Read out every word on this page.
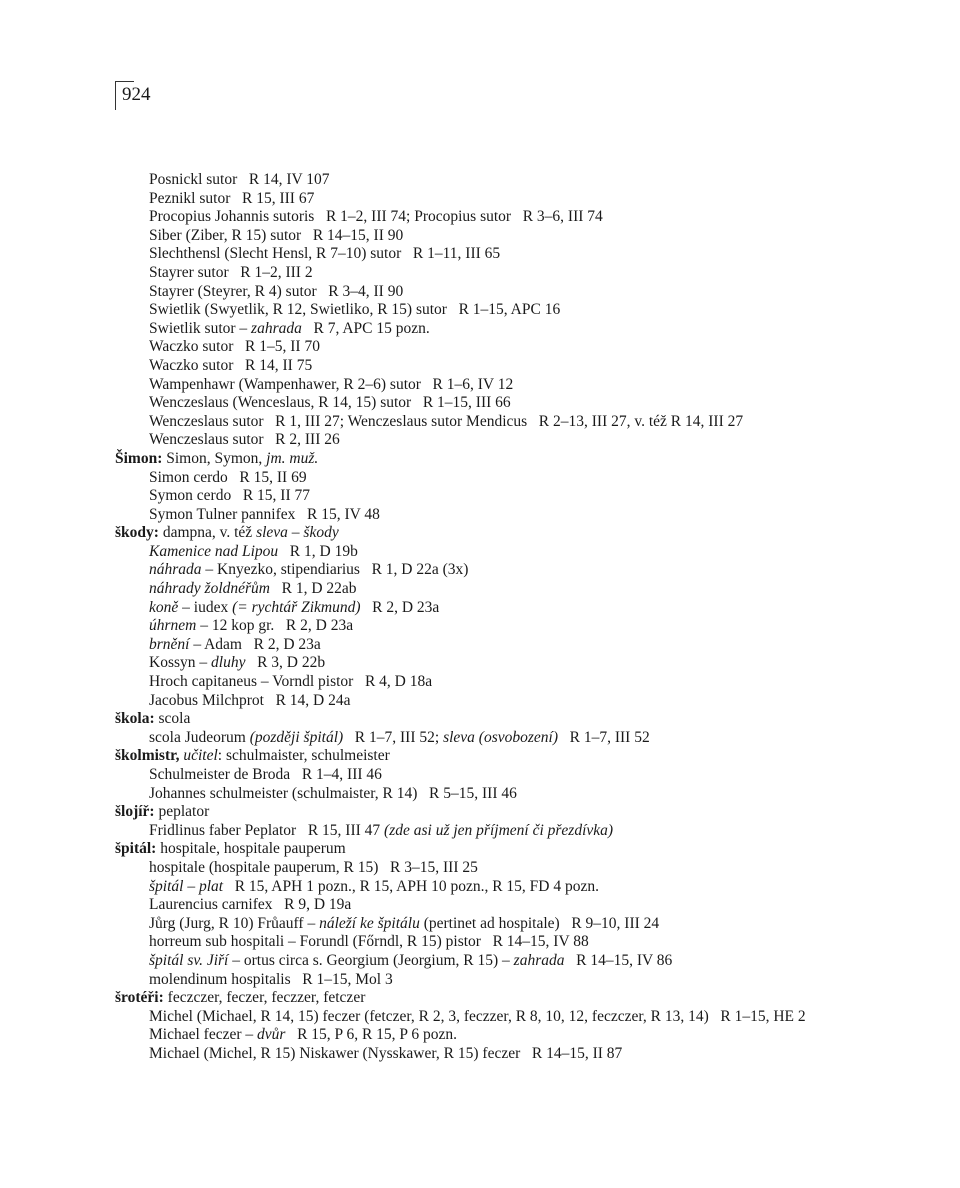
924
Posnickl sutor   R 14, IV 107
Peznikl sutor   R 15, III 67
Procopius Johannis sutoris   R 1–2, III 74; Procopius sutor   R 3–6, III 74
Siber (Ziber, R 15) sutor   R 14–15, II 90
Slechthensl (Slecht Hensl, R 7–10) sutor   R 1–11, III 65
Stayrer sutor   R 1–2, III 2
Stayrer (Steyrer, R 4) sutor   R 3–4, II 90
Swietlik (Swyetlik, R 12, Swietliko, R 15) sutor   R 1–15, APC 16
Swietlik sutor – zahrada   R 7, APC 15 pozn.
Waczko sutor   R 1–5, II 70
Waczko sutor   R 14, II 75
Wampenhawr (Wampenhawer, R 2–6) sutor   R 1–6, IV 12
Wenczeslaus (Wenceslaus, R 14, 15) sutor   R 1–15, III 66
Wenczeslaus sutor   R 1, III 27; Wenczeslaus sutor Mendicus   R 2–13, III 27, v. též R 14, III 27
Wenczeslaus sutor   R 2, III 26
Šimon: Simon, Symon, jm. muž.
Simon cerdo   R 15, II 69
Symon cerdo   R 15, II 77
Symon Tulner pannifex   R 15, IV 48
škody: dampna, v. též sleva – škody
Kamenice nad Lipou   R 1, D 19b
náhrada – Knyezko, stipendiarius   R 1, D 22a (3x)
náhrady žoldnéřům   R 1, D 22ab
koně – iudex (= rychtář Zikmund)   R 2, D 23a
úhrnem – 12 kop gr.   R 2, D 23a
brnění – Adam   R 2, D 23a
Kossyn – dluhy   R 3, D 22b
Hroch capitaneus – Vorndl pistor   R 4, D 18a
Jacobus Milchprot   R 14, D 24a
škola: scola
scola Judeorum (později špitál)   R 1–7, III 52; sleva (osvobození)   R 1–7, III 52
školmistr, učitel: schulmaister, schulmeister
Schulmeister de Broda   R 1–4, III 46
Johannes schulmeister (schulmaister, R 14)   R 5–15, III 46
šlojíř: peplator
Fridlinus faber Peplator   R 15, III 47 (zde asi už jen příjmení či přezdívka)
špitál: hospitale, hospitale pauperum
hospitale (hospitale pauperum, R 15)   R 3–15, III 25
špitál – plat   R 15, APH 1 pozn., R 15, APH 10 pozn., R 15, FD 4 pozn.
Laurencius carnifex   R 9, D 19a
Jůrg (Jurg, R 10) Frůauff – náleží ke špitálu (pertinet ad hospitale)   R 9–10, III 24
horreum sub hospitali – Forundl (Főrndl, R 15) pistor   R 14–15, IV 88
špitál sv. Jiří – ortus circa s. Georgium (Jeorgium, R 15) – zahrada   R 14–15, IV 86
molendinum hospitalis   R 1–15, Mol 3
šrotéři: feczczer, feczer, feczzer, fetczer
Michel (Michael, R 14, 15) feczer (fetczer, R 2, 3, feczzer, R 8, 10, 12, feczczer, R 13, 14)   R 1–15, HE 2
Michael feczer – dvůr   R 15, P 6, R 15, P 6 pozn.
Michael (Michel, R 15) Niskawer (Nysskawer, R 15) feczer   R 14–15, II 87
